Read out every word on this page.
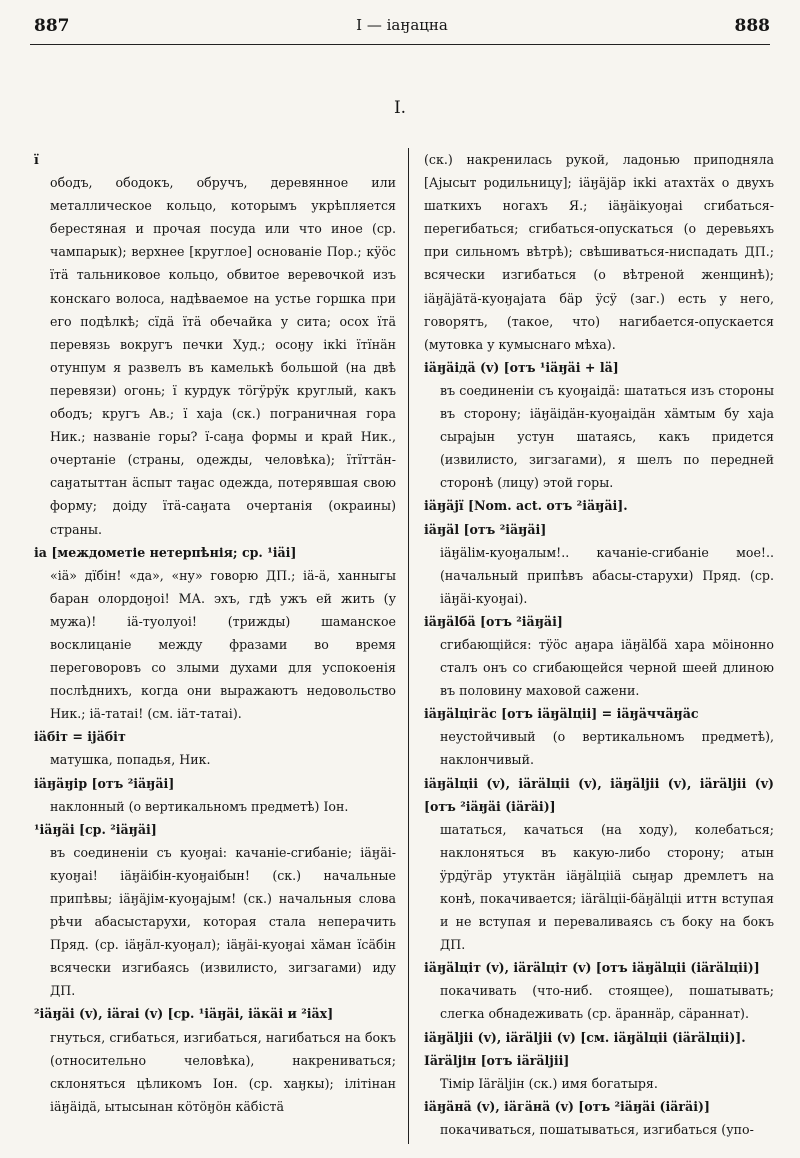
887	I — iаӈацна	888
I.
ї
ободъ, ободокъ, обручъ, деревянное или металлическое кольцо, которымъ укрѣпляется берестяная и прочая посуда или что иное (ср. чампарык); верхнее [круглое] основаніе Пор.; кÿöс ïтä тальниковое кольцо, обвитое веревочкой изъ конскаго волоса, надѣваемое на устье горшка при его подѣлкѣ; сïдä ïтä обечайка у сита; осох ïтä перевязь вокругъ печки Худ.; осоӈу ікkі ïтïнäн отунпум я развелъ въ камелькѣ большой (на двѣ перевязи) огонь; ï курдук тöгÿрÿк круглый, какъ ободъ; кругъ Ав.; ï хаjа (ск.) пограничная гора Ник.; названіе горы? ï-саӈа формы и край Ник., очертаніе (страны, одежды, человѣка); ïтïттäн-саӈатыттан äспыт таӈас одежда, потерявшая свою форму; доiду ïтä-саӈата очертанія (окраины) страны.
ia [междометіе нетерпѣнія; ср. ¹iäi]
«iä» дïбiн! «да», «ну» говорю ДП.; iä-ä, ханныгы баран олордоӈоi! МА. эхъ, гдѣ ужъ ей жить (у мужа)! iä-туолуоi! (трижды) шаманское восклицаніе между фразами во время переговоровъ со злыми духами для успокоенія послѣднихъ, когда они выражаютъ недовольство Ник.; iä-татаi! (см. iäт-татаi).
iäбiт = ijäбiт
матушка, попадья, Ник.
iäӈäӈiр [отъ ²iäӈäi]
наклонный (о вертикальномъ предметѣ) Іон.
¹iäӈäi [ср. ²iäӈäi]
въ соединеніи съ куоӈаі: качаніе-сгибаніе; iäӈäi-куоӈаi! iäӈäiбiн-куоӈаiбын! (ск.) начальные припѣвы; iäӈäjiм-куоӈаjым! (ск.) начальныя слова рѣчи абасыстарухи, которая стала неперачить Пряд. (ср. iäӈäл-куоӈал); iäӈäi-куоӈаi хäман ïсäбiн всячески изгибаясь (извилисто, зигзагами) иду ДП.
²iäӈäi (v), iärai (v) [ср. ¹iäӈäi, iäкäi и ²iäх]
гнуться, сгибаться, изгибаться, нагибаться на бокъ (относительно человѣка), накрениваться; склоняться цѣликомъ Іон. (ср. хаӈкы); iлiтiнан iäӈäiдä, ытысынан кöтöӈöн кäбiстä
(ск.) накренилась рукой, ладонью приподняла [Аjысыт родильницу]; iäӈäjäр ікkі атахтäх о двухъ шаткихъ ногахъ Я.; iäӈäiкуоӈаi сгибаться-перегибаться; сгибаться-опускаться (о деревьяхъ при сильномъ вѣтрѣ); свѣшиваться-ниспадать ДП.; всячески изгибаться (о вѣтреной женщинѣ); iäӈäjäтä-куоӈаjата бäр ÿсÿ (заг.) есть у него, говорятъ, (такое, что) нагибается-опускается (мутовка у кумыснаго мѣха).
iäӈäiдä (v) [отъ ¹iäӈäi + lä]
въ соединеніи съ куоӈаiдä: шататься изъ стороны въ сторону; iäӈäiдäн-куоӈаiдäн хäмтым бу хаjа сырајын устун шатаясь, какъ придется (извилисто, зигзагами), я шелъ по передней сторонѣ (лицу) этой горы.
iäӈäjï [Nom. act. отъ ²iäӈäi].
iäӈäl [отъ ²iäӈäi]
iäӈälім-куоӈалым!.. качаніе-сгибаніе мое!.. (начальный припѣвъ абасы-старухи) Пряд. (ср. iäӈäi-куоӈаi).
iäӈälбä [отъ ²iäӈäi]
сгибающійся: тÿöс аӈара iäӈälбä хара мöiнонно сталъ онъ со сгибающейся черной шеей длиною въ половину маховой сажени.
iäӈälцiгäс [отъ iäӈälцii] = iäӈäччäӈäс
неустойчивый (о вертикальномъ предметѣ), наклончивый.
iäӈälцii (v), iärälцii (v), iäӈäljii (v), iäräljii (v) [отъ ²iäӈäi (iäräi)]
шататься, качаться (на ходу), колебаться; наклоняться въ какую-либо сторону; атын ÿрдÿгäр утуктäн iäӈälцiiä сыӈар дремлетъ на конѣ, покачивается; iärälцii-бäӈälцii иттн вступая и не вступая и переваливаясь съ боку на бокъ ДП.
iäӈälцiт (v), iärälцiт (v) [отъ iäӈälцii (iärälцii)]
покачивать (что-ниб. стоящее), пошатывать; слегка обнадеживать (ср. äраннäр, сäраннат).
iäӈäljii (v), iäräljii (v) [см. iäӈälцii (iärälцii)].
Iäräljін [отъ iäräljii]
Тiмiр Iäräljін (ск.) имя богатыря.
iäӈäнä (v), iäгäнä (v) [отъ ²iäӈäi (iäräi)]
покачиваться, пошатываться, изгибаться (упо-
